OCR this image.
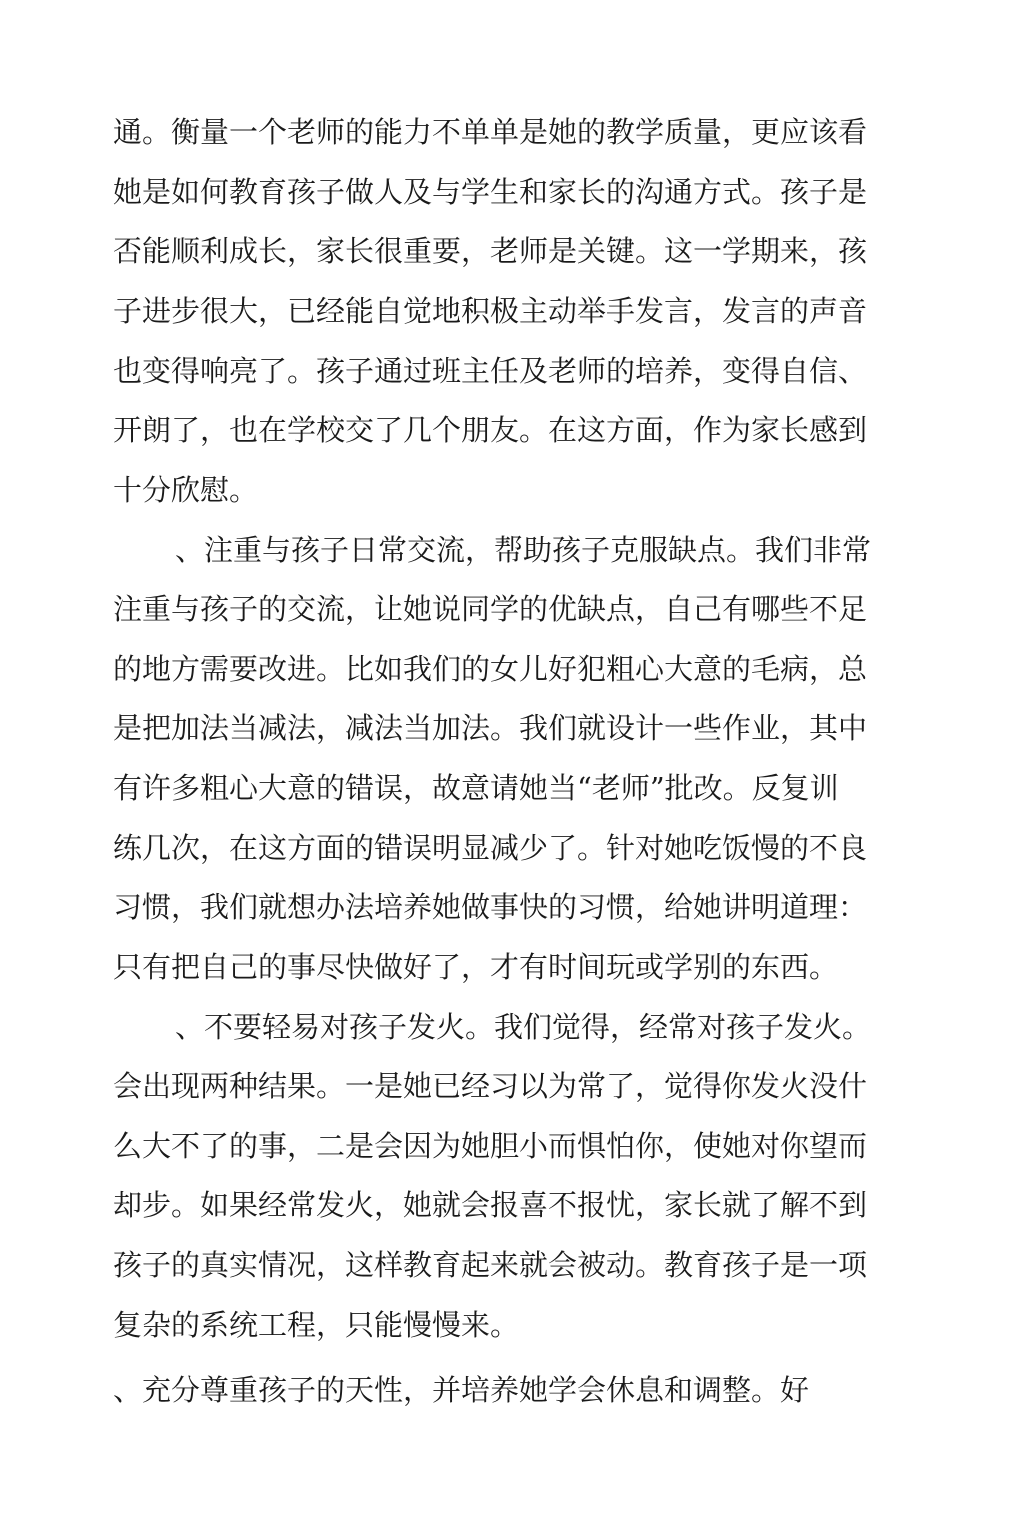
通。衡量一个老师的能力不单单是她的教学质量，更应该看
她是如何教育孩子做人及与学生和家长的沟通方式。孩子是
否能顺利成长，家长很重要，老师是关键。这一学期来，孩
子进步很大，已经能自觉地积极主动举手发言，发言的声音
也变得响亮了。孩子通过班主任及老师的培养，变得自信、
开朗了，也在学校交了几个朋友。在这方面，作为家长感到
十分欣慰。
、注重与孩子日常交流，帮助孩子克服缺点。我们非常
注重与孩子的交流，让她说同学的优缺点，自己有哪些不足
的地方需要改进。比如我们的女儿好犯粗心大意的毛病，总
是把加法当减法，减法当加法。我们就设计一些作业，其中
有许多粗心大意的错误，故意请她当“老师”批改。反复训
练几次，在这方面的错误明显减少了。针对她吃饭慢的不良
习惯，我们就想办法培养她做事快的习惯，给她讲明道理：
只有把自己的事尽快做好了，才有时间玩或学别的东西。
、不要轻易对孩子发火。我们觉得，经常对孩子发火。
会出现两种结果。一是她已经习以为常了，觉得你发火没什
么大不了的事，二是会因为她胆小而惧怕你，使她对你望而
却步。如果经常发火，她就会报喜不报忧，家长就了解不到
孩子的真实情况，这样教育起来就会被动。教育孩子是一项
复杂的系统工程，只能慢慢来。
、充分尊重孩子的天性，并培养她学会休息和调整。好
